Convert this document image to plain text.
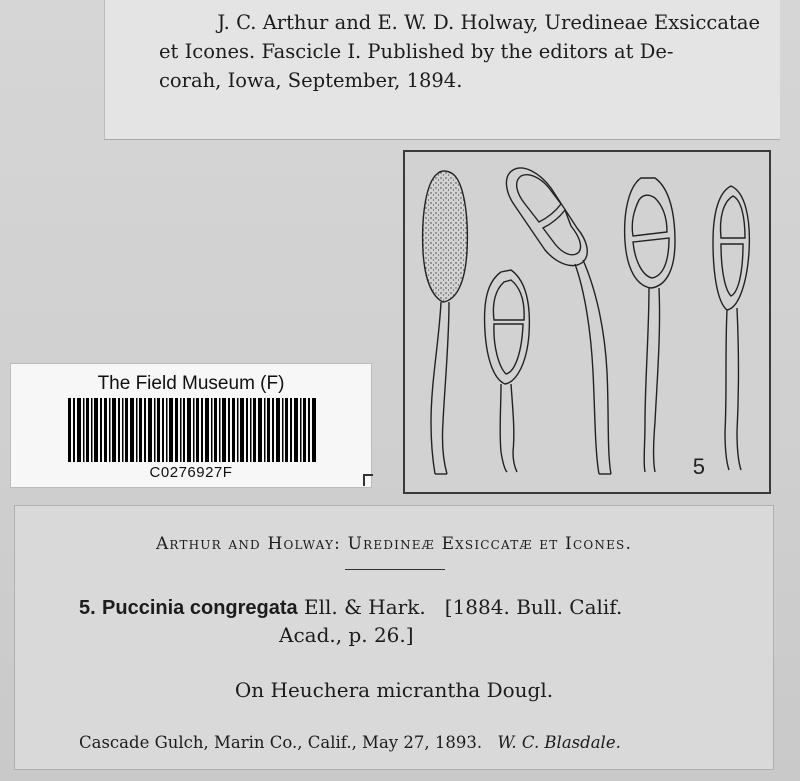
J. C. Arthur and E. W. D. Holway, Uredineae Exsiccatae
et Icones. Fascicle I. Published by the editors at De-
corah, Iowa, September, 1894.
5
The Field Museum (F)
C0276927F
Arthur and Holway: Uredineæ Exsiccatæ et Icones.
5. Puccinia congregata Ell. & Hark. [1884. Bull. Calif.
Acad., p. 26.]
On Heuchera micrantha Dougl.
Cascade Gulch, Marin Co., Calif., May 27, 1893. W. C. Blasdale.
